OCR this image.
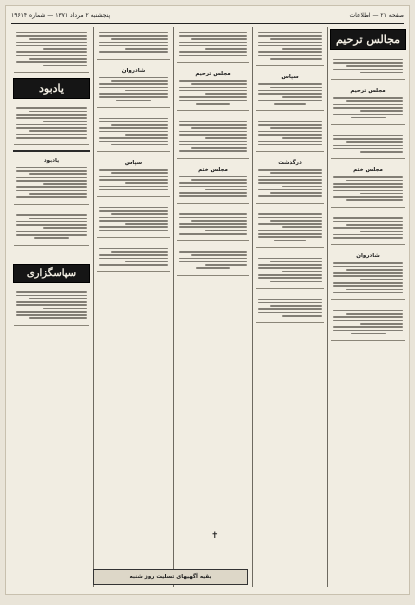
صفحه ۲۱ — اطلاعات
پنجشنبه ۲ مرداد ۱۳۷۱ — شماره ۱۹۶۱۴
مجالس ترحیم
مجلس ترحیم
مجلس ختم
شادروان
سپاس
درگذشت
مجلس ترحیم
مجلس ختم
✝
شادروان
سپاس
یادبود
یادبود
سپاسگزاری
بقیه آگهیهای تسلیت روز شنبه
